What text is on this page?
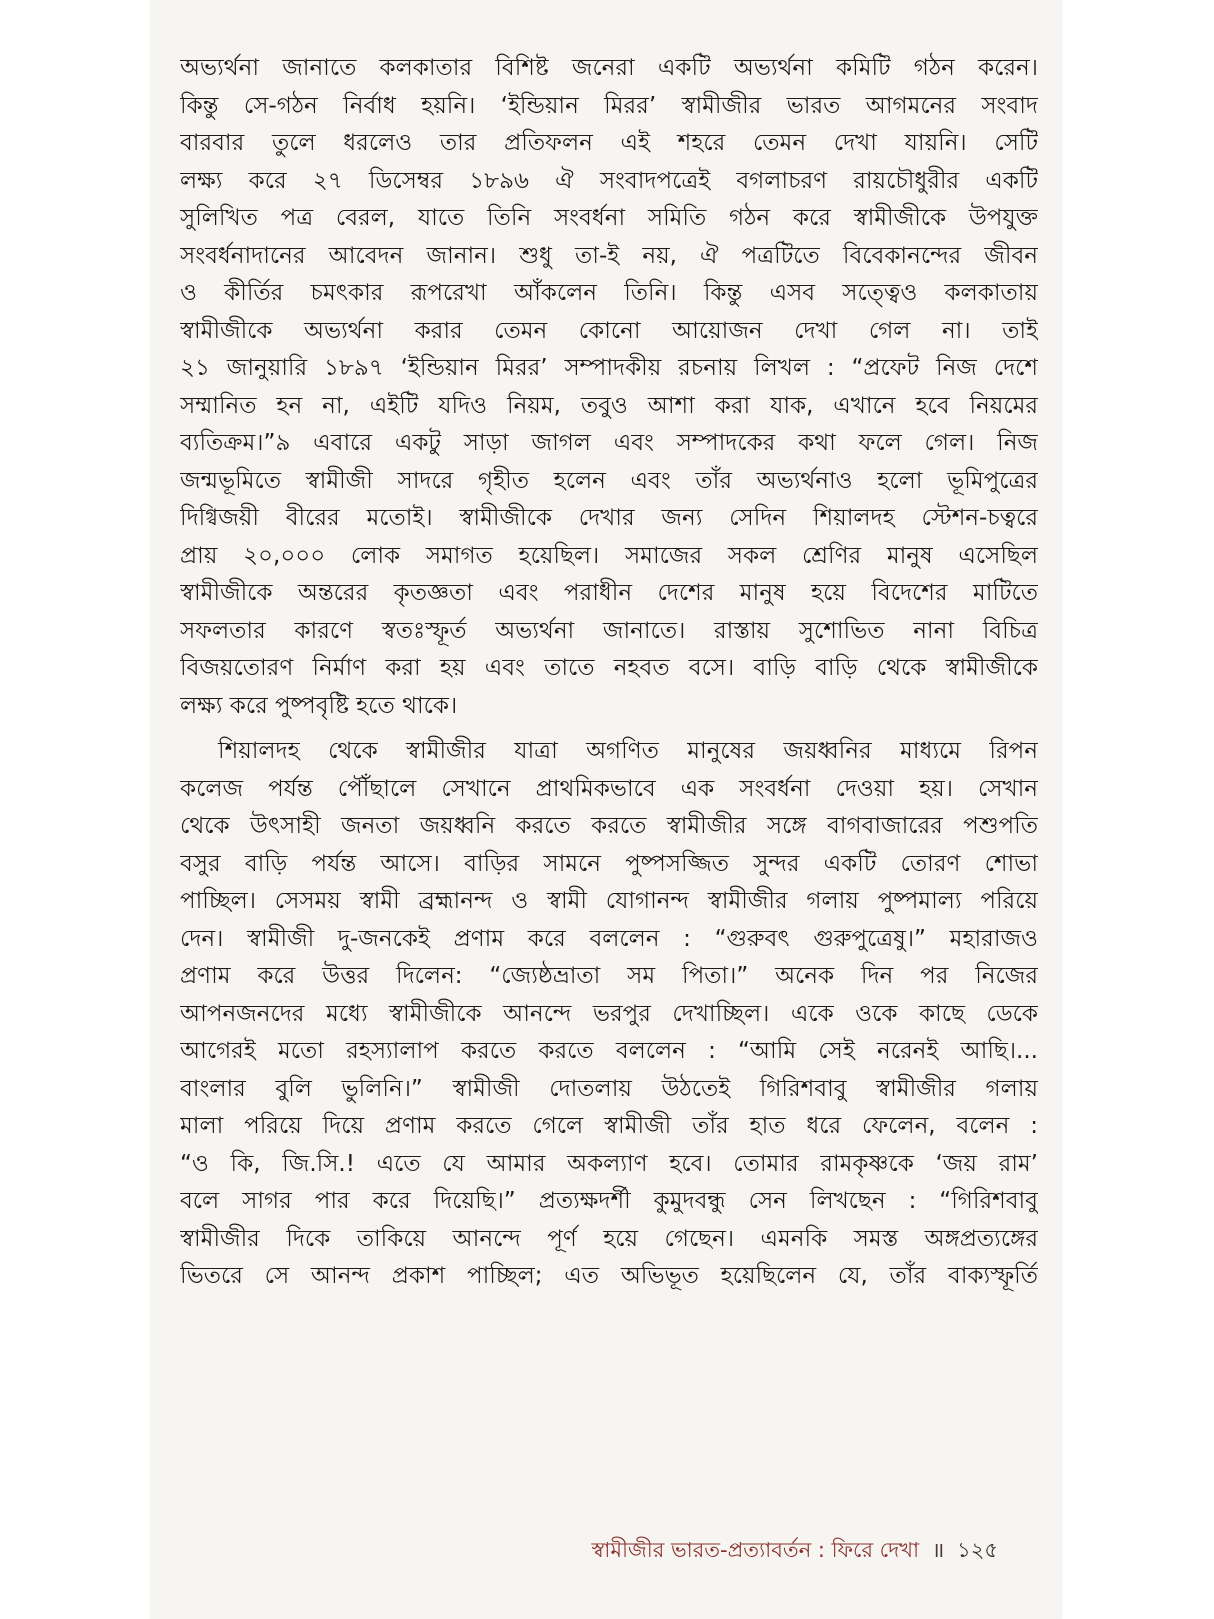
অভ্যর্থনা জানাতে কলকাতার বিশিষ্ট জনেরা একটি অভ্যর্থনা কমিটি গঠন করেন।
কিন্তু সে-গঠন নির্বাধ হয়নি। ‘ইন্ডিয়ান মিরর’ স্বামীজীর ভারত আগমনের সংবাদ
বারবার তুলে ধরলেও তার প্রতিফলন এই শহরে তেমন দেখা যায়নি। সেটি
লক্ষ্য করে ২৭ ডিসেম্বর ১৮৯৬ ঐ সংবাদপত্রেই বগলাচরণ রায়চৌধুরীর একটি
সুলিখিত পত্র বেরল, যাতে তিনি সংবর্ধনা সমিতি গঠন করে স্বামীজীকে উপযুক্ত
সংবর্ধনাদানের আবেদন জানান। শুধু তা-ই নয়, ঐ পত্রটিতে বিবেকানন্দের জীবন
ও কীর্তির চমৎকার রূপরেখা আঁকলেন তিনি। কিন্তু এসব সত্ত্বেও কলকাতায়
স্বামীজীকে অভ্যর্থনা করার তেমন কোনো আয়োজন দেখা গেল না। তাই
২১ জানুয়ারি ১৮৯৭ ‘ইন্ডিয়ান মিরর’ সম্পাদকীয় রচনায় লিখল : “প্রফেট নিজ দেশে
সম্মানিত হন না, এইটি যদিও নিয়ম, তবুও আশা করা যাক, এখানে হবে নিয়মের
ব্যতিক্রম।”৯ এবারে একটু সাড়া জাগল এবং সম্পাদকের কথা ফলে গেল। নিজ
জন্মভূমিতে স্বামীজী সাদরে গৃহীত হলেন এবং তাঁর অভ্যর্থনাও হলো ভূমিপুত্রের
দিগ্বিজয়ী বীরের মতোই। স্বামীজীকে দেখার জন্য সেদিন শিয়ালদহ স্টেশন-চত্বরে
প্রায় ২০,০০০ লোক সমাগত হয়েছিল। সমাজের সকল শ্রেণির মানুষ এসেছিল
স্বামীজীকে অন্তরের কৃতজ্ঞতা এবং পরাধীন দেশের মানুষ হয়ে বিদেশের মাটিতে
সফলতার কারণে স্বতঃস্ফূর্ত অভ্যর্থনা জানাতে। রাস্তায় সুশোভিত নানা বিচিত্র
বিজয়তোরণ নির্মাণ করা হয় এবং তাতে নহবত বসে। বাড়ি বাড়ি থেকে স্বামীজীকে
লক্ষ্য করে পুষ্পবৃষ্টি হতে থাকে।
শিয়ালদহ থেকে স্বামীজীর যাত্রা অগণিত মানুষের জয়ধ্বনির মাধ্যমে রিপন
কলেজ পর্যন্ত পৌঁছালে সেখানে প্রাথমিকভাবে এক সংবর্ধনা দেওয়া হয়। সেখান
থেকে উৎসাহী জনতা জয়ধ্বনি করতে করতে স্বামীজীর সঙ্গে বাগবাজারের পশুপতি
বসুর বাড়ি পর্যন্ত আসে। বাড়ির সামনে পুষ্পসজ্জিত সুন্দর একটি তোরণ শোভা
পাচ্ছিল। সেসময় স্বামী ব্রহ্মানন্দ ও স্বামী যোগানন্দ স্বামীজীর গলায় পুষ্পমাল্য পরিয়ে
দেন। স্বামীজী দু-জনকেই প্রণাম করে বললেন : “গুরুবৎ গুরুপুত্রেষু।” মহারাজও
প্রণাম করে উত্তর দিলেন: “জ্যেষ্ঠভ্রাতা সম পিতা।” অনেক দিন পর নিজের
আপনজনদের মধ্যে স্বামীজীকে আনন্দে ভরপুর দেখাচ্ছিল। একে ওকে কাছে ডেকে
আগেরই মতো রহস্যালাপ করতে করতে বললেন : “আমি সেই নরেনই আছি।...
বাংলার বুলি ভুলিনি।” স্বামীজী দোতলায় উঠতেই গিরিশবাবু স্বামীজীর গলায়
মালা পরিয়ে দিয়ে প্রণাম করতে গেলে স্বামীজী তাঁর হাত ধরে ফেলেন, বলেন :
“ও কি, জি.সি.! এতে যে আমার অকল্যাণ হবে। তোমার রামকৃষ্ণকে ‘জয় রাম’
বলে সাগর পার করে দিয়েছি।” প্রত্যক্ষদর্শী কুমুদবন্ধু সেন লিখছেন : “গিরিশবাবু
স্বামীজীর দিকে তাকিয়ে আনন্দে পূর্ণ হয়ে গেছেন। এমনকি সমস্ত অঙ্গপ্রত্যঙ্গের
ভিতরে সে আনন্দ প্রকাশ পাচ্ছিল; এত অভিভূত হয়েছিলেন যে, তাঁর বাক্যস্ফূর্তি
স্বামীজীর ভারত-প্রত্যাবর্তন : ফিরে দেখা ॥ ১২৫
